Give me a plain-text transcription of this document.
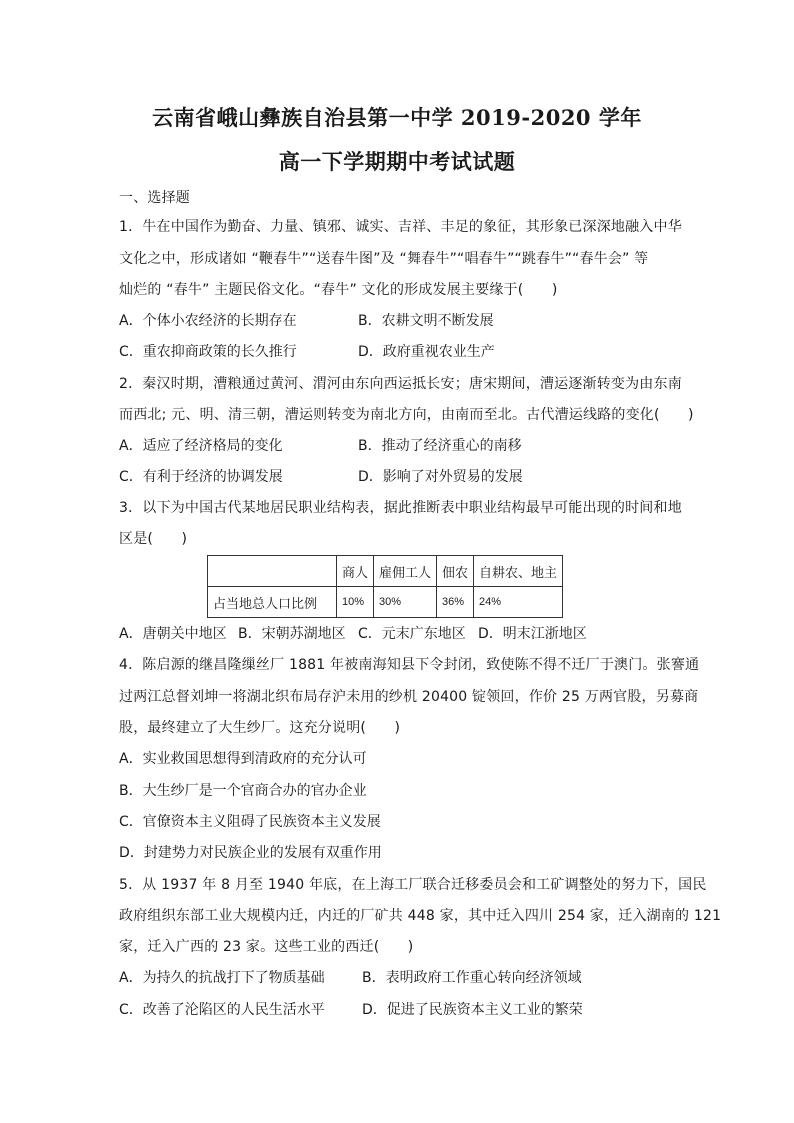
云南省峨山彝族自治县第一中学 2019-2020 学年
高一下学期期中考试试题
一、选择题
1．牛在中国作为勤奋、力量、镇邪、诚实、吉祥、丰足的象征，其形象已深深地融入中华
文化之中，形成诸如 “鞭春牛”“送春牛图”及 “舞春牛”“唱春牛”“跳春牛”“春牛会” 等
灿烂的 “春牛” 主题民俗文化。“春牛” 文化的形成发展主要缘于(　　)
A．个体小农经济的长期存在	B．农耕文明不断发展
C．重农抑商政策的长久推行	D．政府重视农业生产
2．秦汉时期，漕粮通过黄河、渭河由东向西运抵长安；唐宋期间，漕运逐渐转变为由东南
而西北; 元、明、清三朝，漕运则转变为南北方向，由南而至北。古代漕运线路的变化(　　)
A．适应了经济格局的变化	B．推动了经济重心的南移
C．有利于经济的协调发展	D．影响了对外贸易的发展
3．以下为中国古代某地居民职业结构表，据此推断表中职业结构最早可能出现的时间和地
区是(　　)
	商人	雇佣工人	佃农	自耕农、地主
占当地总人口比例	10%	30%	36%	24%
A．唐朝关中地区 B．宋朝苏湖地区 C．元末广东地区 D．明末江浙地区
4．陈启源的继昌隆缫丝厂 1881 年被南海知县下令封闭，致使陈不得不迁厂于澳门。张謇通
过两江总督刘坤一将湖北织布局存沪未用的纱机 20400 锭领回，作价 25 万两官股，另募商
股，最终建立了大生纱厂。这充分说明(　　)
A．实业救国思想得到清政府的充分认可
B．大生纱厂是一个官商合办的官办企业
C．官僚资本主义阻碍了民族资本主义发展
D．封建势力对民族企业的发展有双重作用
5．从 1937 年 8 月至 1940 年底，在上海工厂联合迁移委员会和工矿调整处的努力下，国民
政府组织东部工业大规模内迁，内迁的厂矿共 448 家，其中迁入四川 254 家，迁入湖南的 121
家，迁入广西的 23 家。这些工业的西迁(　　)
A．为持久的抗战打下了物质基础	B．表明政府工作重心转向经济领域
C．改善了沦陷区的人民生活水平	D．促进了民族资本主义工业的繁荣
